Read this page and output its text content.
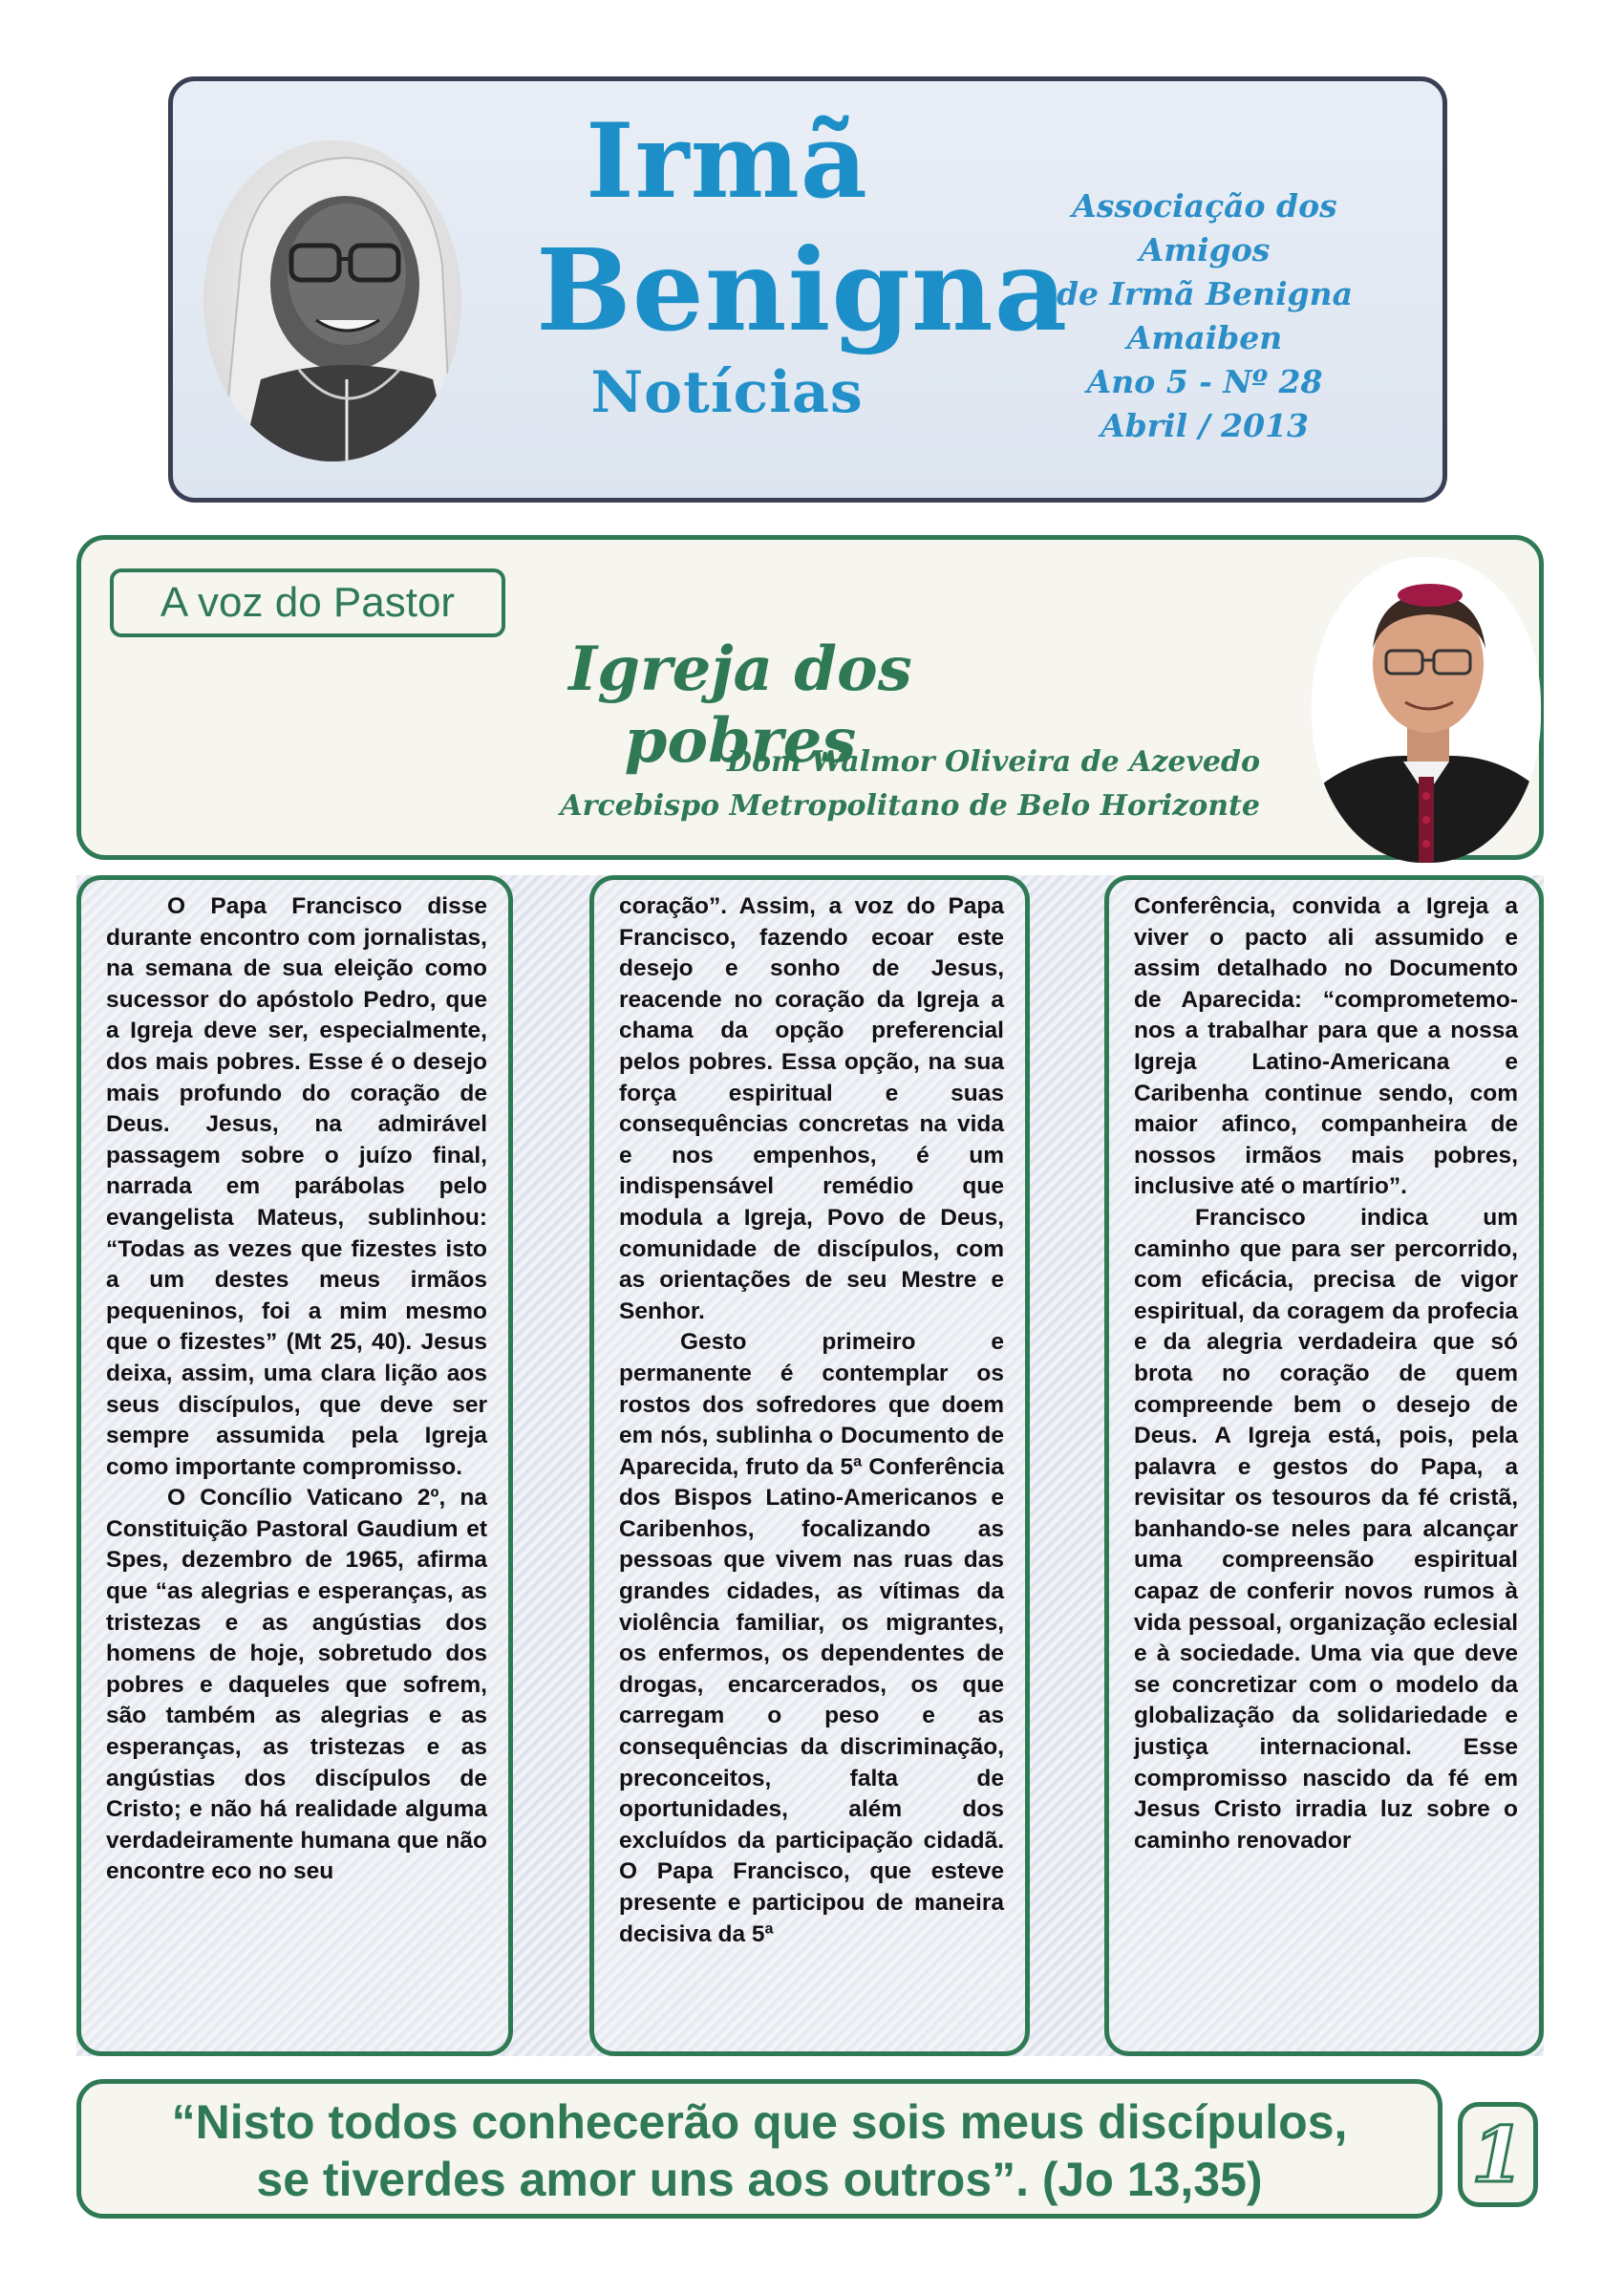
Irmã
Benigna
Notícias
Associação dos Amigos
de Irmã Benigna
Amaiben
Ano 5 - Nº 28
Abril / 2013
A voz do Pastor
Igreja dos pobres
Dom Walmor Oliveira de Azevedo
Arcebispo Metropolitano de Belo Horizonte

O Papa Francisco disse durante encontro com jornalistas, na semana de sua eleição como sucessor do apóstolo Pedro, que a Igreja deve ser, especialmente, dos mais pobres. Esse é o desejo mais profundo do coração de Deus. Jesus, na admirável passagem sobre o juízo final, narrada em parábolas pelo evangelista Mateus, sublinhou: “Todas as vezes que fizestes isto a um destes meus irmãos pequeninos, foi a mim mesmo que o fizestes” (Mt 25, 40). Jesus deixa, assim, uma clara lição aos seus discípulos, que deve ser sempre assumida pela Igreja como importante compromisso.

O Concílio Vaticano 2º, na Constituição Pastoral Gaudium et Spes, dezembro de 1965, afirma que “as alegrias e esperanças, as tristezas e as angústias dos homens de hoje, sobretudo dos pobres e daqueles que sofrem, são também as alegrias e as esperanças, as tristezas e as angústias dos discípulos de Cristo; e não há realidade alguma verdadeiramente humana que não encontre eco no seu

coração”. Assim, a voz do Papa Francisco, fazendo ecoar este desejo e sonho de Jesus, reacende no coração da Igreja a chama da opção preferencial pelos pobres. Essa opção, na sua força espiritual e suas consequências concretas na vida e nos empenhos, é um indispensável remédio que modula a Igreja, Povo de Deus, comunidade de discípulos, com as orientações de seu Mestre e Senhor.

Gesto primeiro e permanente é contemplar os rostos dos sofredores que doem em nós, sublinha o Documento de Aparecida, fruto da 5ª Conferência dos Bispos Latino-Americanos e Caribenhos, focalizando as pessoas que vivem nas ruas das grandes cidades, as vítimas da violência familiar, os migrantes, os enfermos, os dependentes de drogas, encarcerados, os que carregam o peso e as consequências da discriminação, preconceitos, falta de oportunidades, além dos excluídos da participação cidadã. O Papa Francisco, que esteve presente e participou de maneira decisiva da 5ª

Conferência, convida a Igreja a viver o pacto ali assumido e assim detalhado no Documento de Aparecida: “comprometemo-nos a trabalhar para que a nossa Igreja Latino-Americana e Caribenha continue sendo, com maior afinco, companheira de nossos irmãos mais pobres, inclusive até o martírio”.

Francisco indica um caminho que para ser percorrido, com eficácia, precisa de vigor espiritual, da coragem da profecia e da alegria verdadeira que só brota no coração de quem compreende bem o desejo de Deus. A Igreja está, pois, pela palavra e gestos do Papa, a revisitar os tesouros da fé cristã, banhando-se neles para alcançar uma compreensão espiritual capaz de conferir novos rumos à vida pessoal, organização eclesial e à sociedade. Uma via que deve se concretizar com o modelo da globalização da solidariedade e justiça internacional. Esse compromisso nascido da fé em Jesus Cristo irradia luz sobre o caminho renovador

“Nisto todos conhecerão que sois meus discípulos,
se tiverdes amor uns aos outros”. (Jo 13,35)	1
